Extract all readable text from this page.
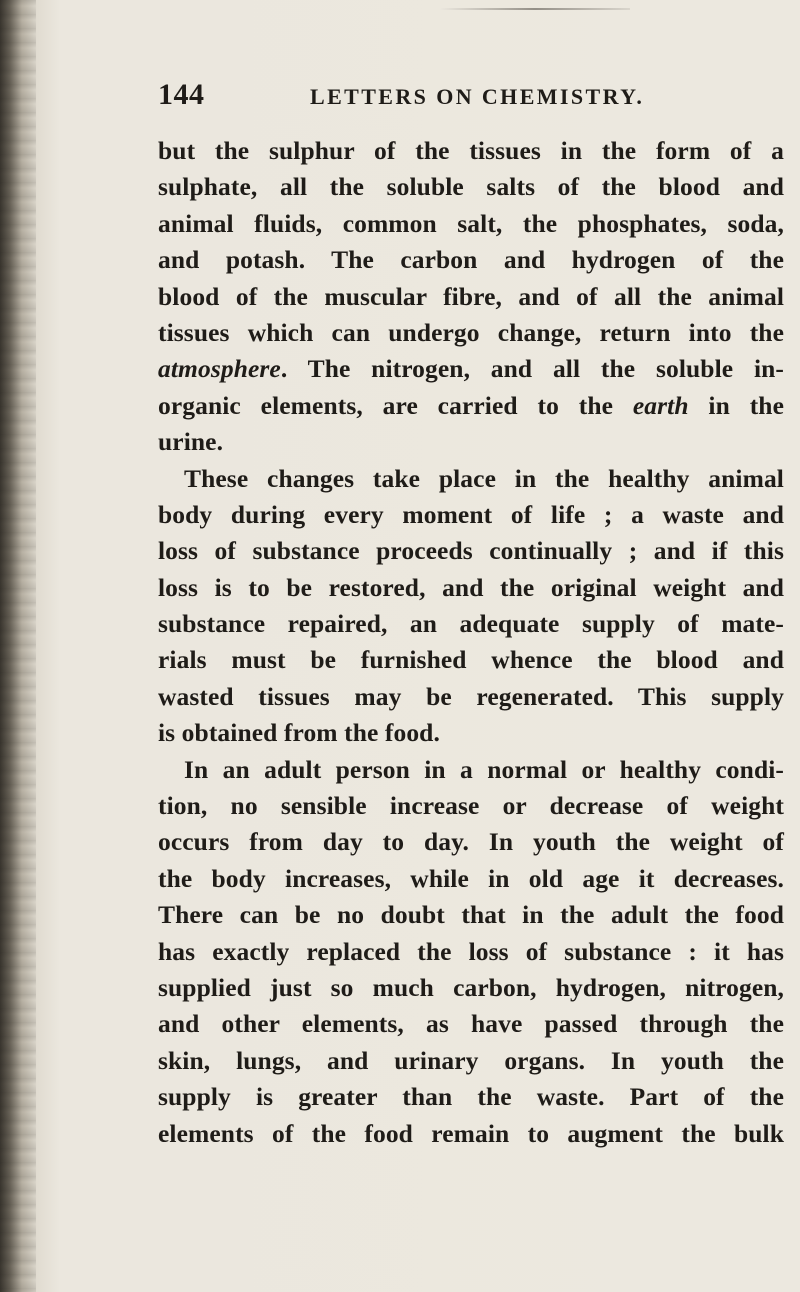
144	LETTERS ON CHEMISTRY.
but the sulphur of the tissues in the form of a
sulphate, all the soluble salts of the blood and
animal fluids, common salt, the phosphates, soda,
and potash. The carbon and hydrogen of the
blood of the muscular fibre, and of all the animal
tissues which can undergo change, return into the
atmosphere. The nitrogen, and all the soluble in-
organic elements, are carried to the earth in the
urine.
These changes take place in the healthy animal
body during every moment of life ; a waste and
loss of substance proceeds continually ; and if this
loss is to be restored, and the original weight and
substance repaired, an adequate supply of mate-
rials must be furnished whence the blood and
wasted tissues may be regenerated. This supply
is obtained from the food.
In an adult person in a normal or healthy condi-
tion, no sensible increase or decrease of weight
occurs from day to day. In youth the weight of
the body increases, while in old age it decreases.
There can be no doubt that in the adult the food
has exactly replaced the loss of substance : it has
supplied just so much carbon, hydrogen, nitrogen,
and other elements, as have passed through the
skin, lungs, and urinary organs. In youth the
supply is greater than the waste. Part of the
elements of the food remain to augment the bulk
